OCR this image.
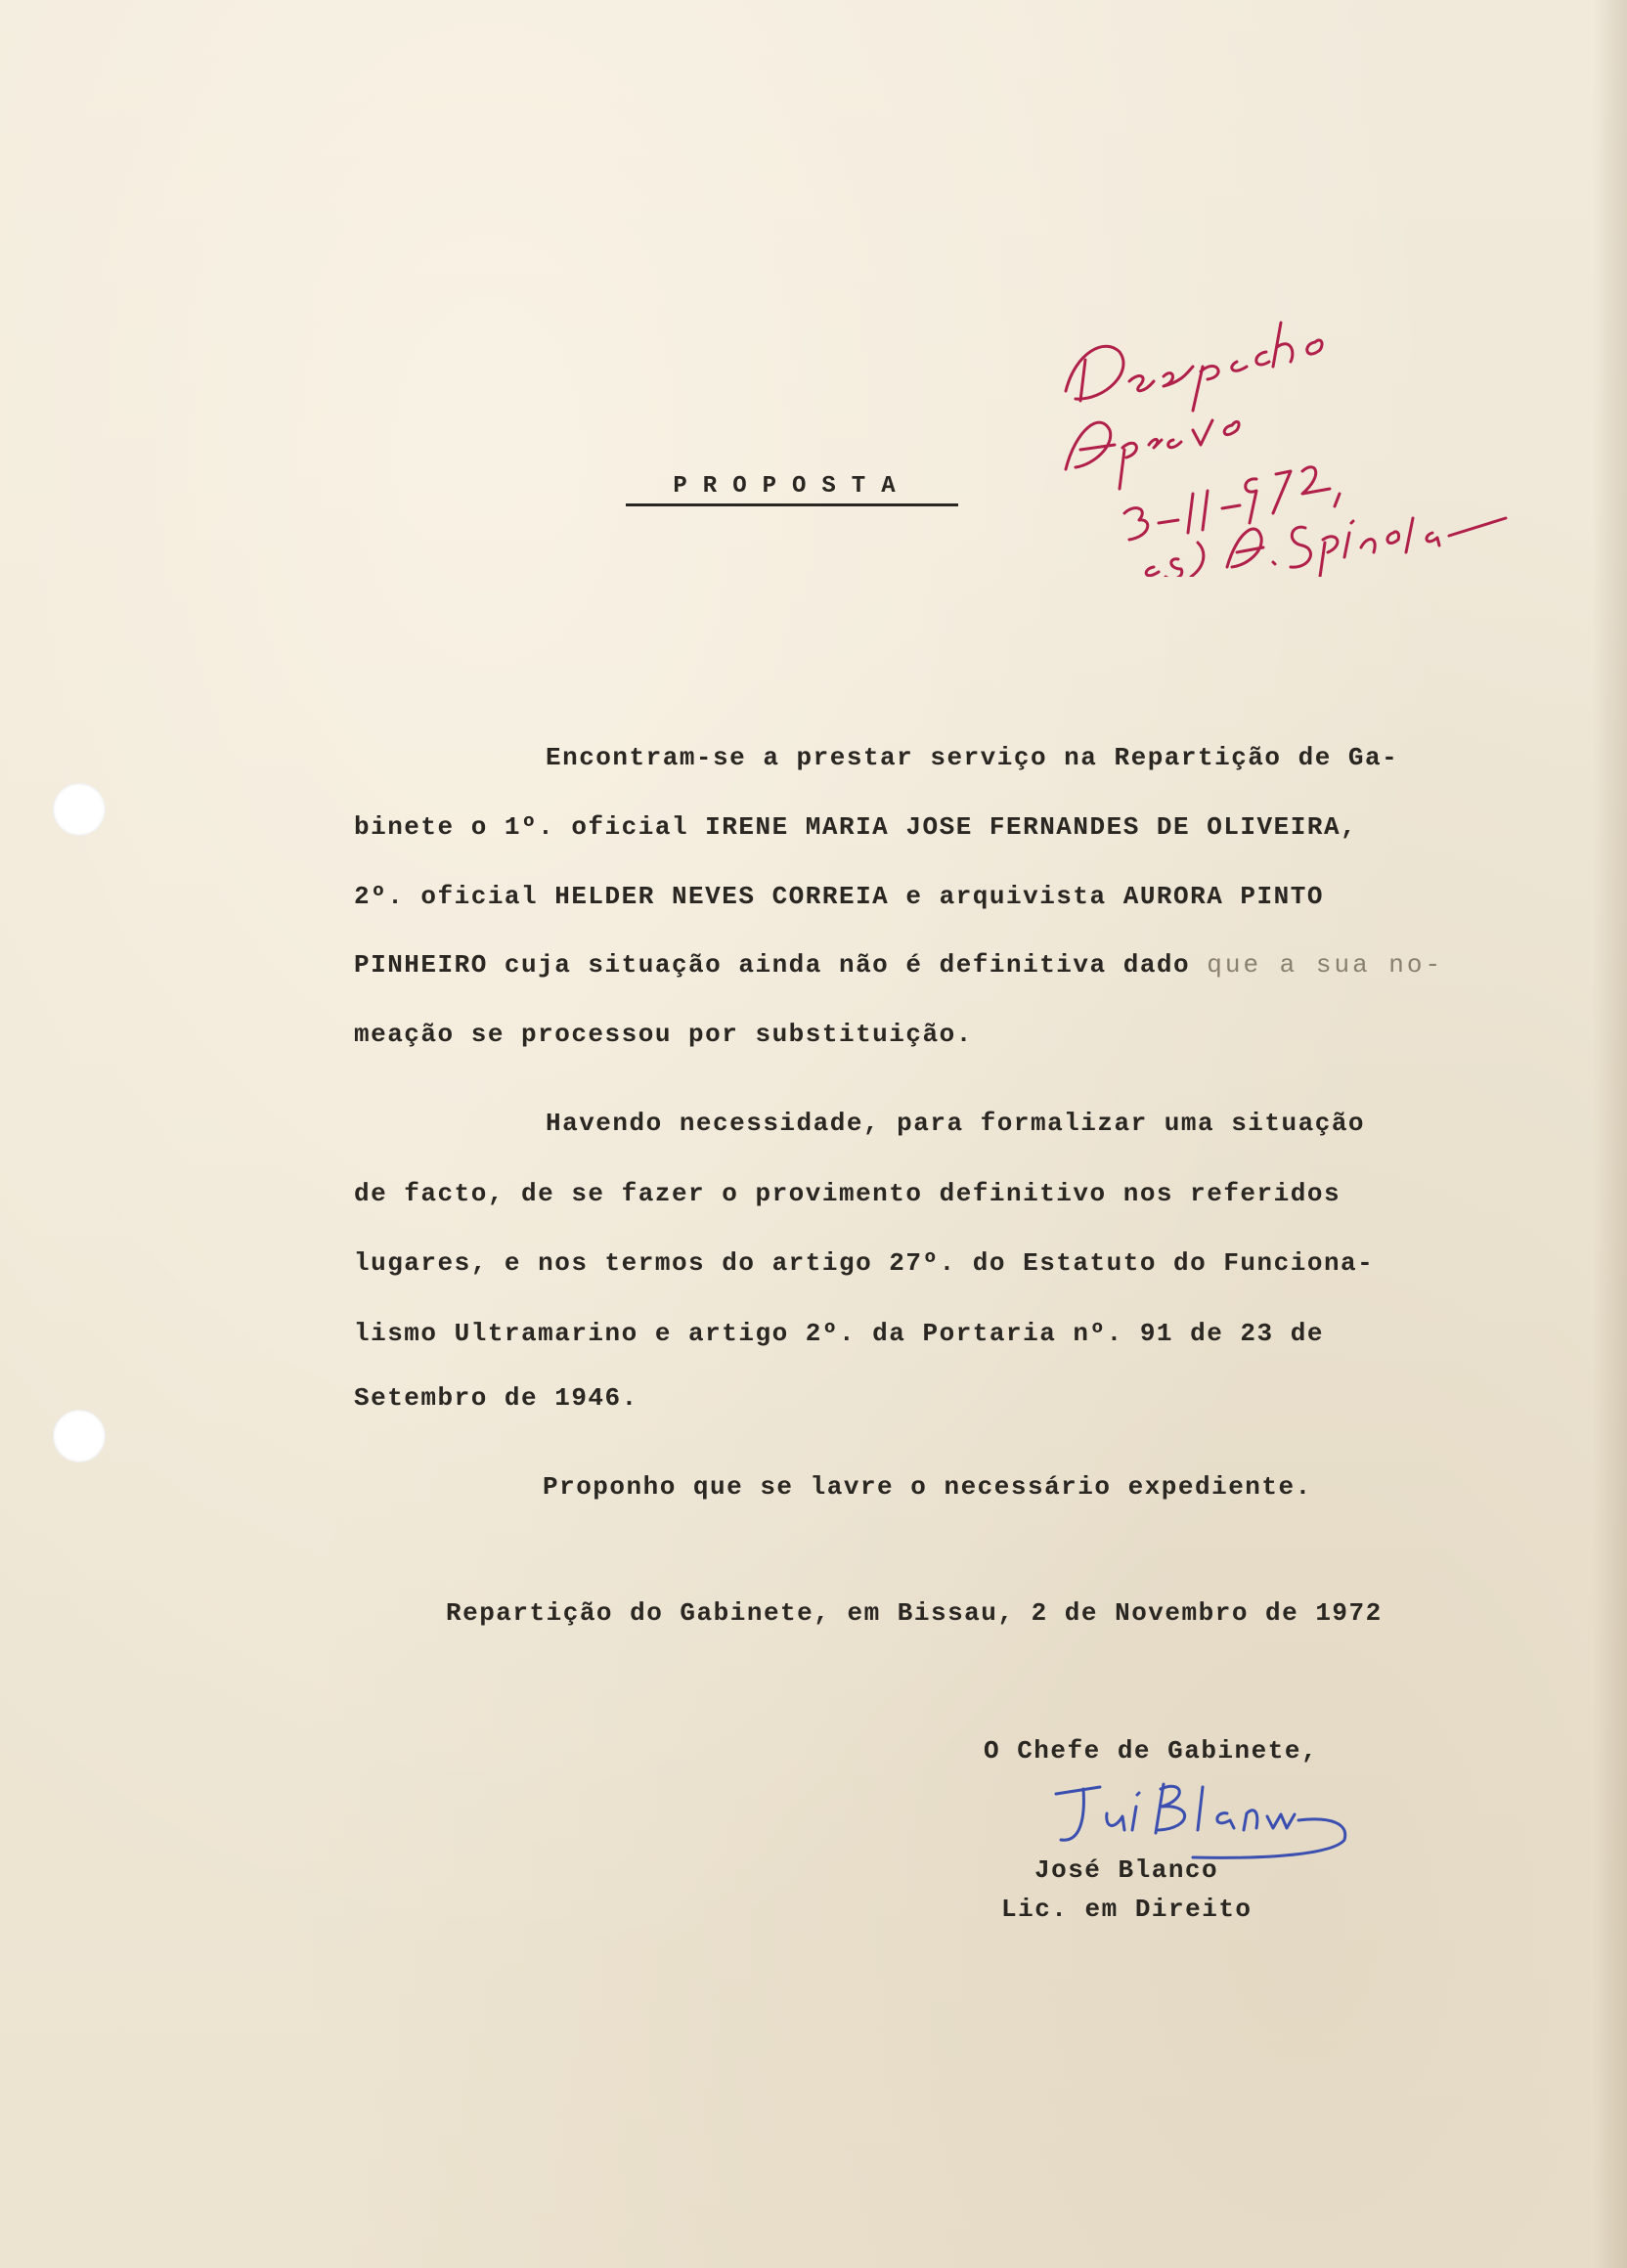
PROPOSTA
Encontram-se a prestar serviço na Repartição de Ga-
binete o 1º. oficial IRENE MARIA JOSE FERNANDES DE OLIVEIRA,
2º. oficial HELDER NEVES CORREIA e arquivista AURORA PINTO
PINHEIRO cuja situação ainda não é definitiva dado que a sua no-
meação se processou por substituição.
Havendo necessidade, para formalizar uma situação
de facto, de se fazer o provimento definitivo nos referidos
lugares, e nos termos do artigo 27º. do Estatuto do Funciona-
lismo Ultramarino e artigo 2º. da Portaria nº. 91 de 23 de
Setembro de 1946.
Proponho que se lavre o necessário expediente.
Repartição do Gabinete, em Bissau, 2 de Novembro de 1972
O Chefe de Gabinete,
José Blanco
Lic. em Direito
